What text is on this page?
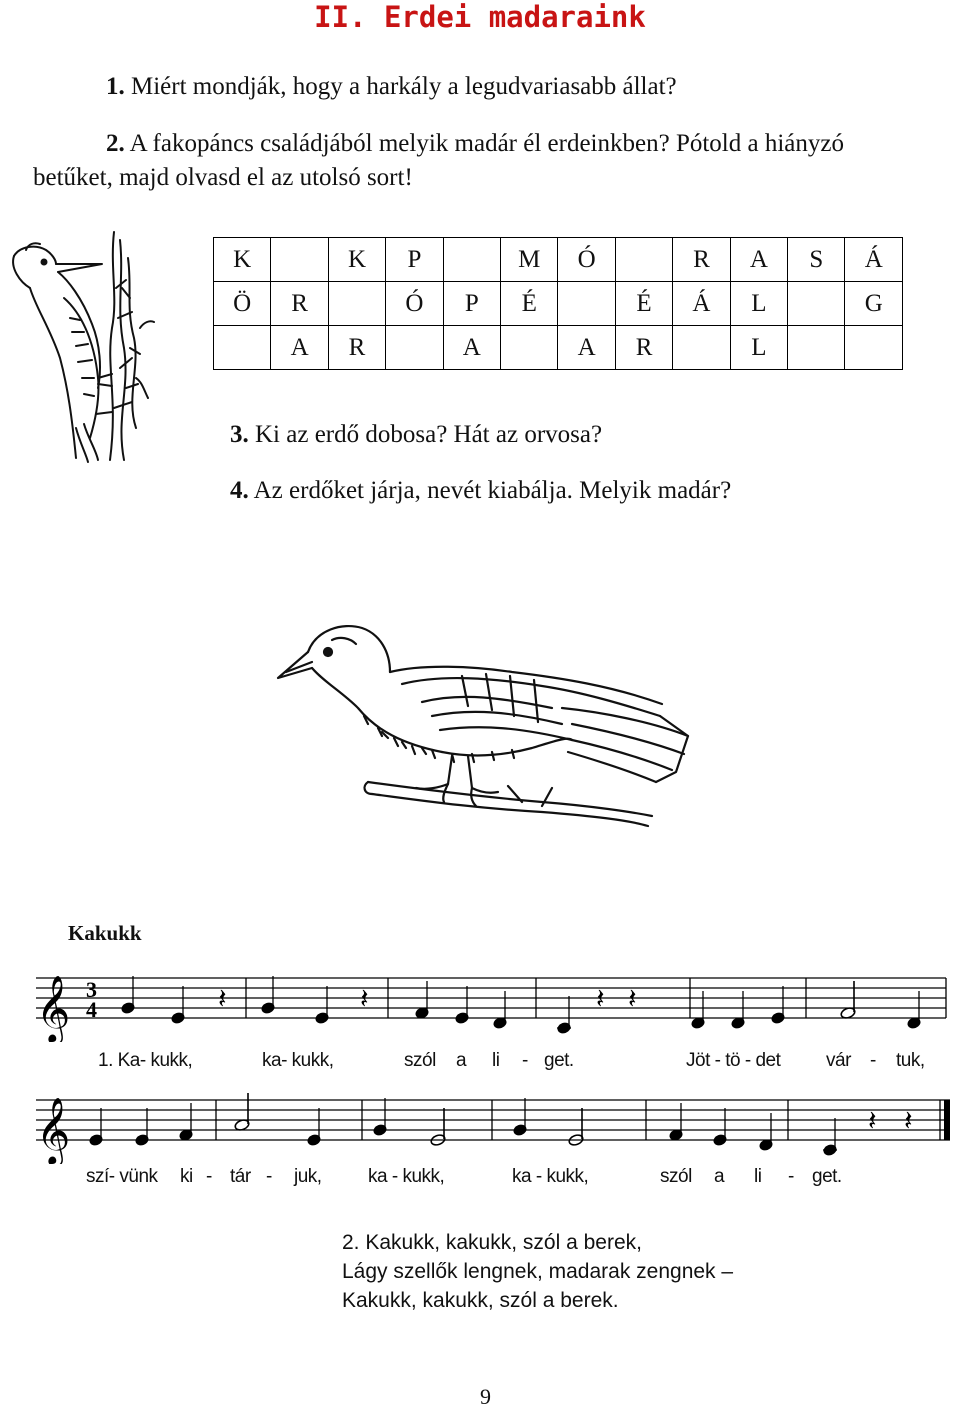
II. Erdei madaraink
1. Miért mondják, hogy a harkály a legudvariasabb állat?
2. A fakopáncs családjából melyik madár él erdeinkben? Pótold a hiányzó
betűket, majd olvasd el az utolsó sort!
K		K	P		M	Ó		R	A	S	Á
Ö	R		Ó	P	É		É	Á	L		G
	A	R		A		A	R		L		
3. Ki az erdő dobosa? Hát az orvosa?
4. Az erdőket járja, nevét kiabálja. Melyik madár?
Kakukk
𝄞 3
4	𝄽	𝄽	𝄽 𝄽
1. Ka- kukk,	ka- kukk,	szól a li - get.	Jöt - tö - det vár - tuk,
𝄞	𝄽 𝄽
szí- vünk ki - tár - juk, ka - kukk,	ka - kukk,	szól a li - get.
2. Kakukk, kakukk, szól a berek,
Lágy szellők lengnek, madarak zengnek –
Kakukk, kakukk, szól a berek.
9
